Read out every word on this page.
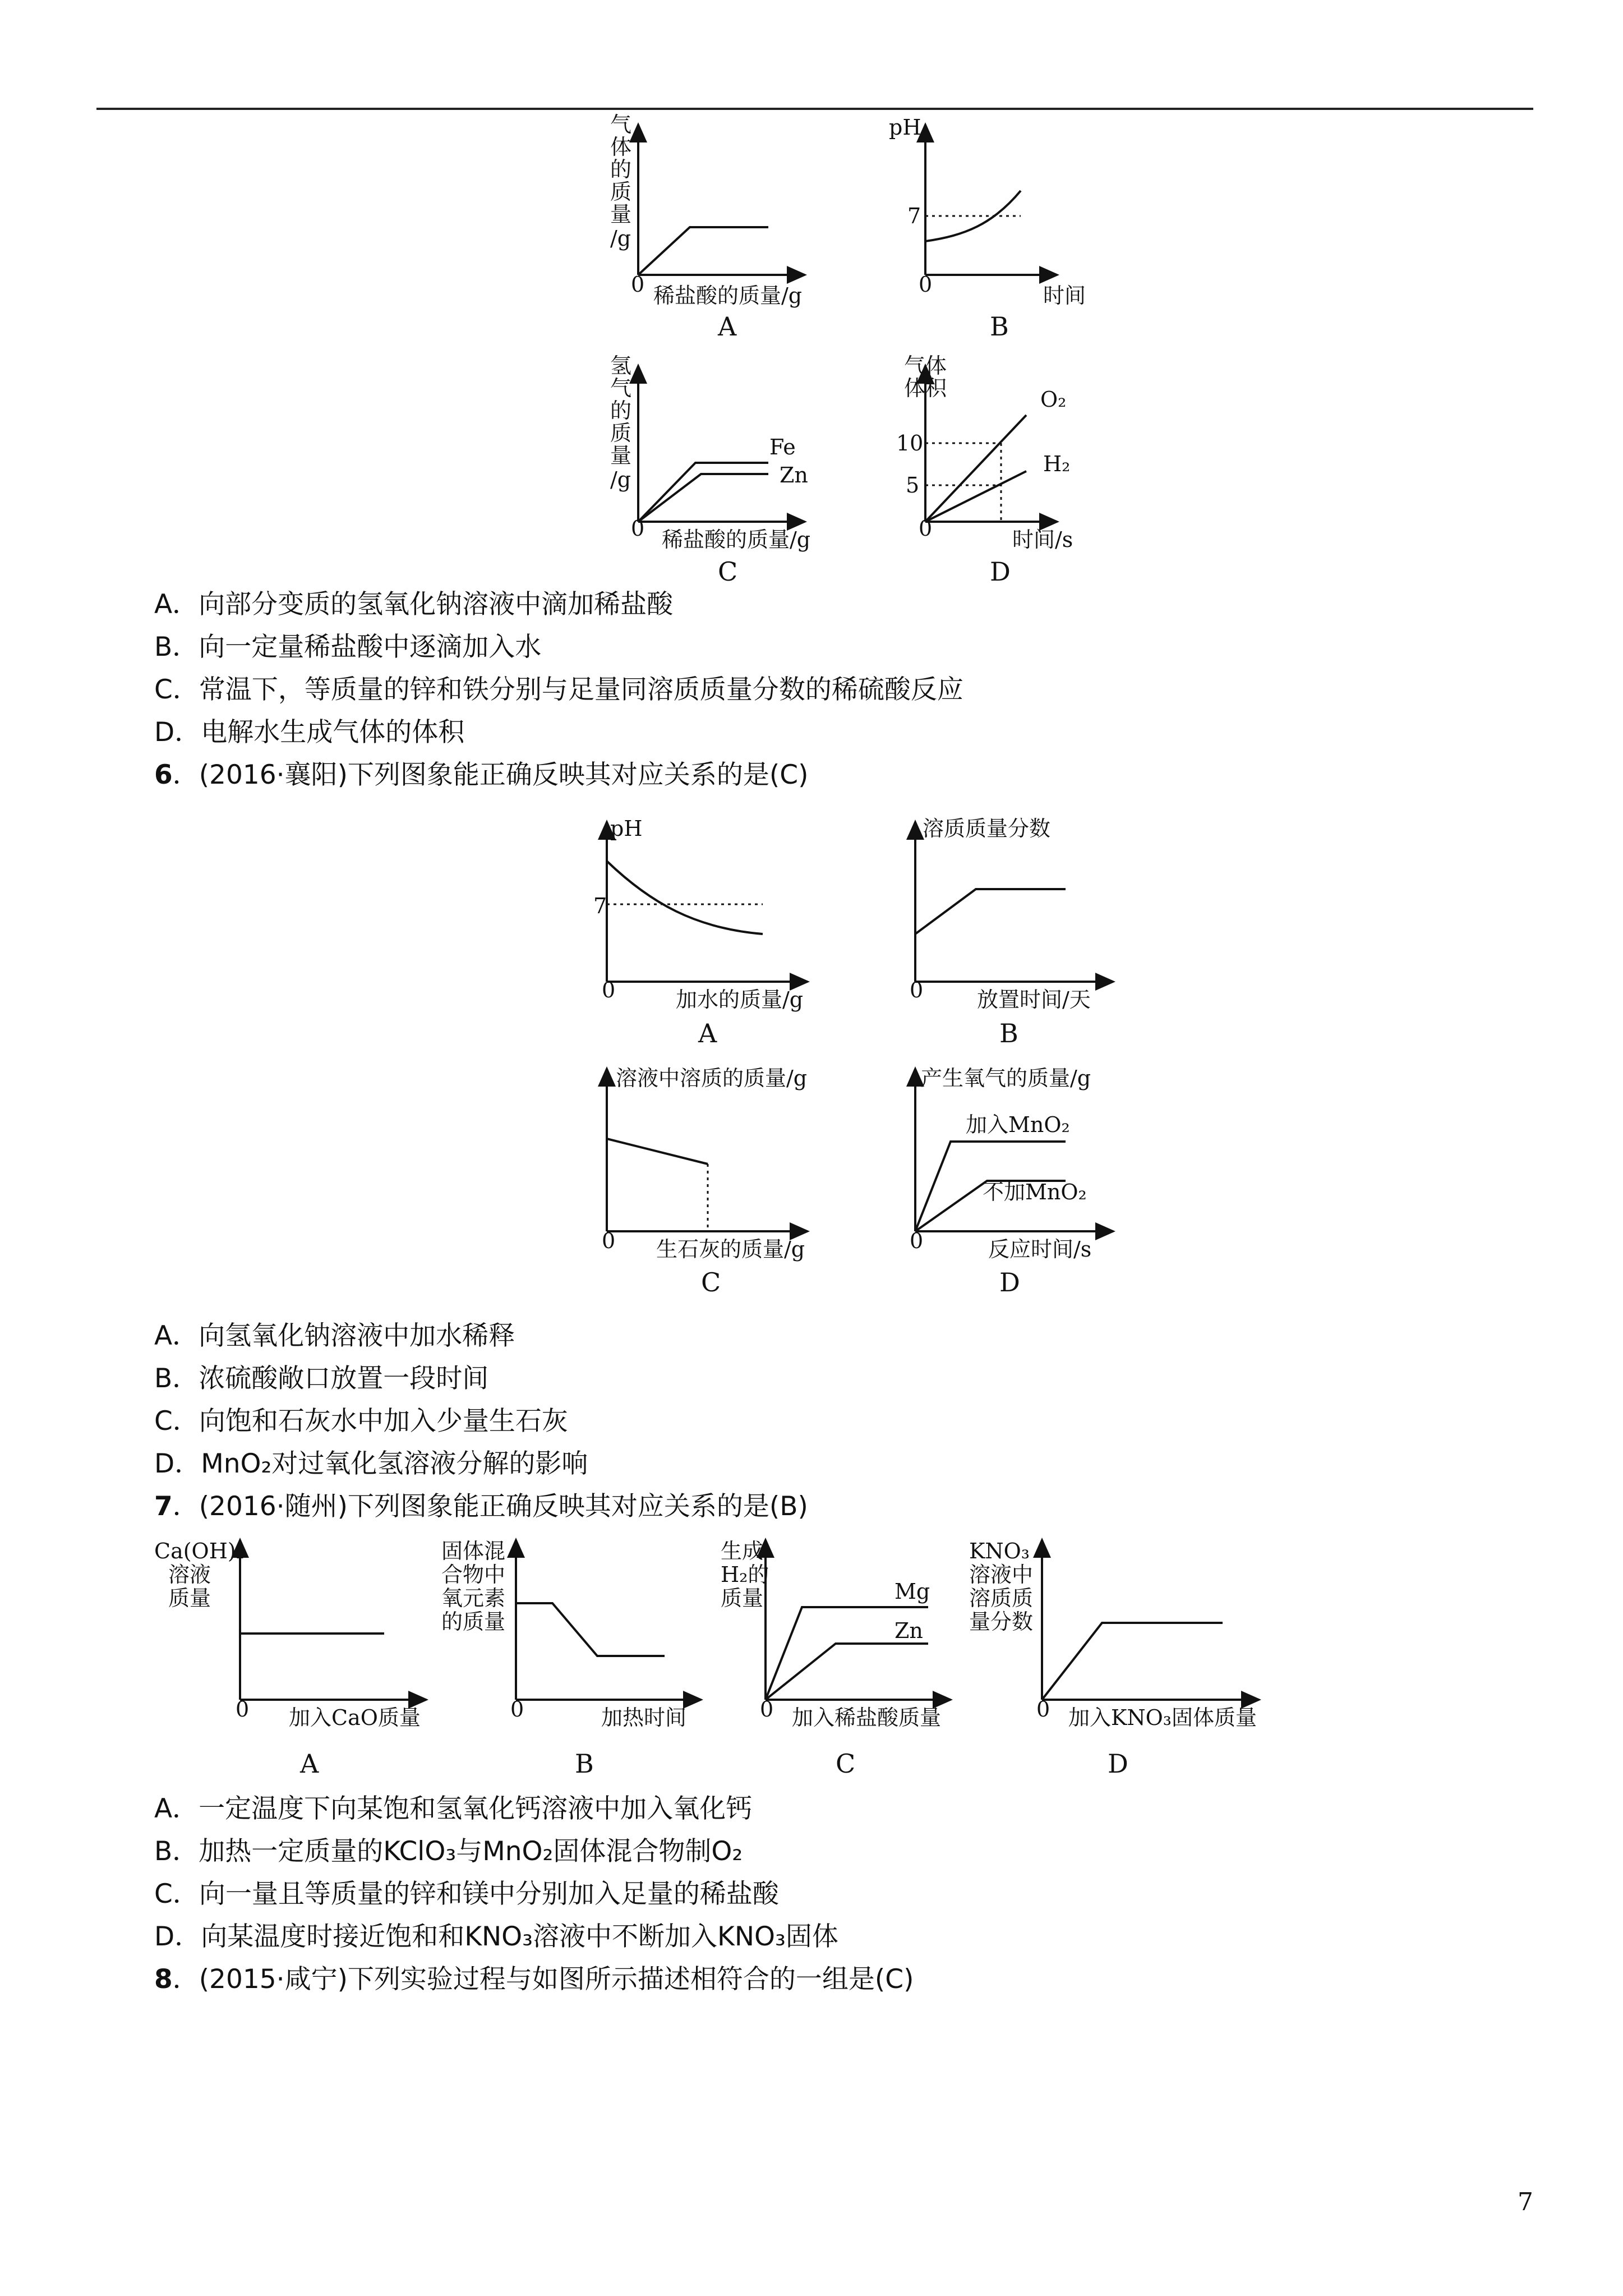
气
体
的
质
量
/g
0 稀盐酸的质量/g
A
pH
7
0	时间
B
氢
气
的
质
量
/g
Fe
Zn
0 稀盐酸的质量/g
C
气体
体积	O₂
H₂
10
5
0	时间/s
D
pH
7
0	加水的质量/g
A
溶质质量分数
0	放置时间/天
B
溶液中溶质的质量/g
0 生石灰的质量/g
C
产生氧气的质量/g
加入MnO₂
不加MnO₂
0	反应时间/s
D
Ca(OH)₂
溶液
质量
0 加入CaO质量
A
固体混
合物中
氧元素
的质量
0	加热时间
B
生成
H₂的
质量	Mg
Zn
0 加入稀盐酸质量
C
KNO₃
溶液中
溶质质
量分数
0 加入KNO₃固体质量
D
A．向部分变质的氢氧化钠溶液中滴加稀盐酸
B．向一定量稀盐酸中逐滴加入水
C．常温下，等质量的锌和铁分别与足量同溶质质量分数的稀硫酸反应
D．电解水生成气体的体积
6．(2016·襄阳)下列图象能正确反映其对应关系的是(C)
A．向氢氧化钠溶液中加水稀释
B．浓硫酸敞口放置一段时间
C．向饱和石灰水中加入少量生石灰
D．MnO₂对过氧化氢溶液分解的影响
7．(2016·随州)下列图象能正确反映其对应关系的是(B)
A．一定温度下向某饱和氢氧化钙溶液中加入氧化钙
B．加热一定质量的KClO₃与MnO₂固体混合物制O₂
C．向一量且等质量的锌和镁中分别加入足量的稀盐酸
D．向某温度时接近饱和和KNO₃溶液中不断加入KNO₃固体
8．(2015·咸宁)下列实验过程与如图所示描述相符合的一组是(C)
7
